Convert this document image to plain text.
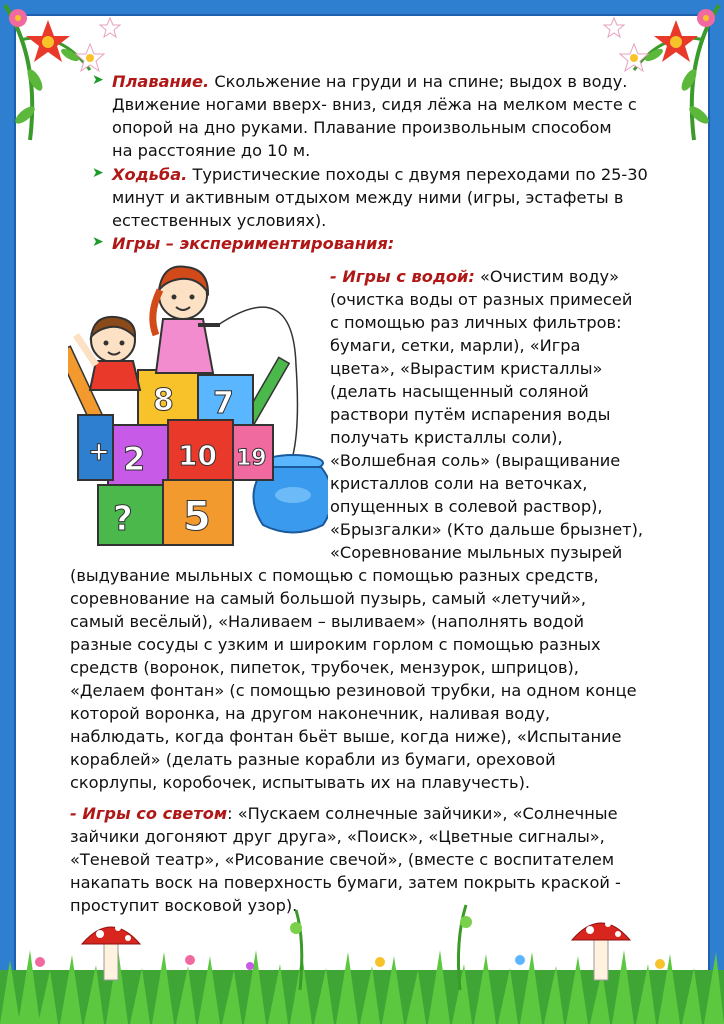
➤ Плавание. Скольжение на груди и на спине; выдох в воду.
Движение ногами вверх- вниз, сидя лёжа на мелком месте с
опорой на дно руками. Плавание произвольным способом
на расстояние до 10 м.
➤ Ходьба. Туристические походы с двумя переходами по 25-30
минут и активным отдыхом между ними (игры, эстафеты в
естественных условиях).
➤ Игры – экспериментирования:
8 7
2 10
?
+
5
19
- Игры с водой: «Очистим воду»
(очистка воды от разных примесей
с помощью раз личных фильтров:
бумаги, сетки, марли), «Игра
цвета», «Вырастим кристаллы»
(делать насыщенный соляной
раствори путём испарения воды
получать кристаллы соли),
«Волшебная соль» (выращивание
кристаллов соли на веточках,
опущенных в солевой раствор),
«Брызгалки» (Кто дальше брызнет),
«Соревнование мыльных пузырей
(выдувание мыльных с помощью с помощью разных средств,
соревнование на самый большой пузырь, самый «летучий»,
самый весёлый), «Наливаем – выливаем» (наполнять водой
разные сосуды с узким и широким горлом с помощью разных
средств (воронок, пипеток, трубочек, мензурок, шприцов),
«Делаем фонтан» (с помощью резиновой трубки, на одном конце
которой воронка, на другом наконечник, наливая воду,
наблюдать, когда фонтан бьёт выше, когда ниже), «Испытание
кораблей» (делать разные корабли из бумаги, ореховой
скорлупы, коробочек, испытывать их на плавучесть).
- Игры со светом: «Пускаем солнечные зайчики», «Солнечные
зайчики догоняют друг друга», «Поиск», «Цветные сигналы»,
«Теневой театр», «Рисование свечой», (вместе с воспитателем
накапать воск на поверхность бумаги, затем покрыть краской -
проступит восковой узор).
